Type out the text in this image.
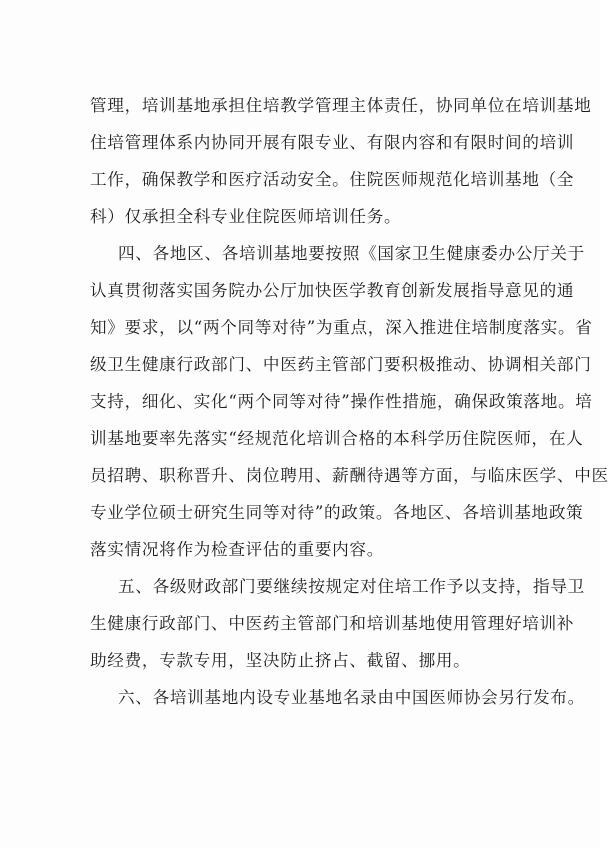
管理，培训基地承担住培教学管理主体责任，协同单位在培训基地
住培管理体系内协同开展有限专业、有限内容和有限时间的培训
工作，确保教学和医疗活动安全。住院医师规范化培训基地（全
科）仅承担全科专业住院医师培训任务。
四、各地区、各培训基地要按照《国家卫生健康委办公厅关于
认真贯彻落实国务院办公厅加快医学教育创新发展指导意见的通
知》要求，以“两个同等对待”为重点，深入推进住培制度落实。省
级卫生健康行政部门、中医药主管部门要积极推动、协调相关部门
支持，细化、实化“两个同等对待”操作性措施，确保政策落地。培
训基地要率先落实“经规范化培训合格的本科学历住院医师，在人
员招聘、职称晋升、岗位聘用、薪酬待遇等方面，与临床医学、中医
专业学位硕士研究生同等对待”的政策。各地区、各培训基地政策
落实情况将作为检查评估的重要内容。
五、各级财政部门要继续按规定对住培工作予以支持，指导卫
生健康行政部门、中医药主管部门和培训基地使用管理好培训补
助经费，专款专用，坚决防止挤占、截留、挪用。
六、各培训基地内设专业基地名录由中国医师协会另行发布。
